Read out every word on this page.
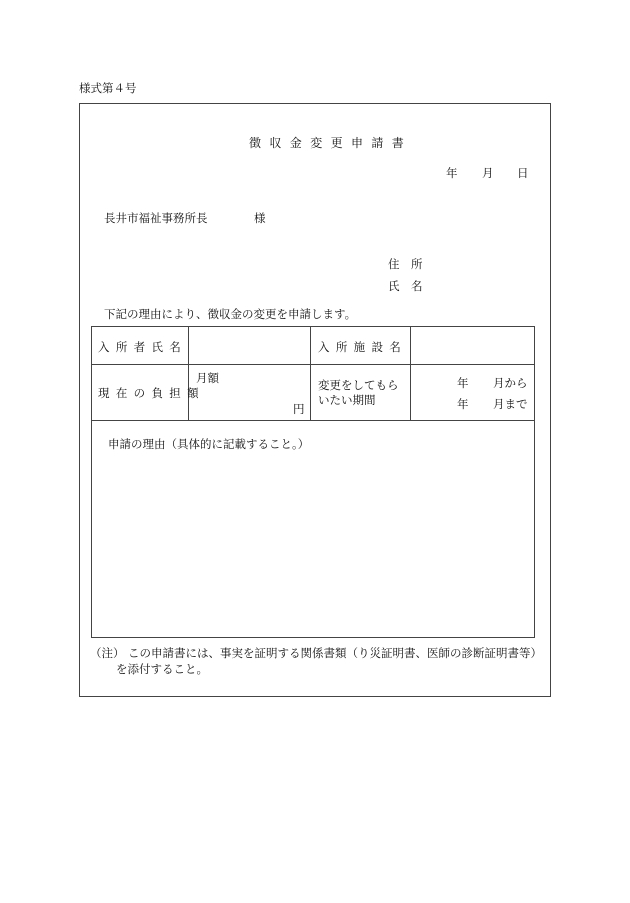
様式第４号
徴収金変更申請書
年 月 日
長井市福祉事務所長	様
住　所
氏　名
下記の理由により、徴収金の変更を申請します。
入所者氏名	入所施設名
現在の負担額
月額
円
変更をしてもら
いたい期間
年 月から
年 月まで
申請の理由（具体的に記載すること。）
（注） この申請書には、事実を証明する関係書類（り災証明書、医師の診断証明書等）
を添付すること。
